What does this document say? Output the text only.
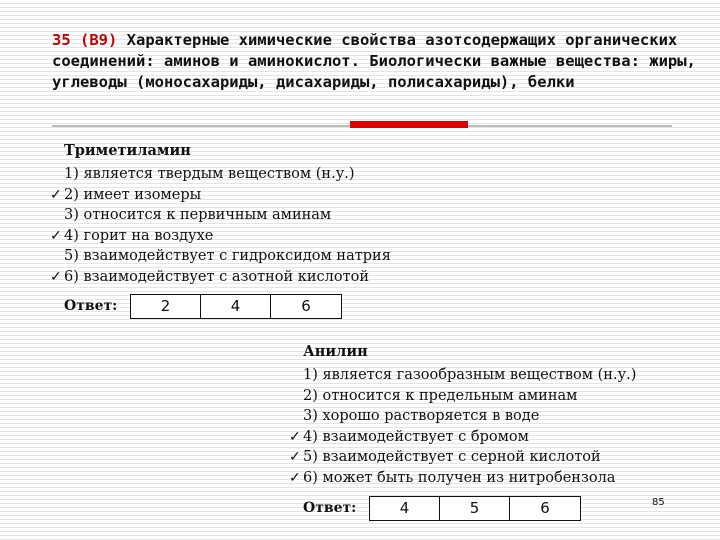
35 (B9) Характерные химические свойства азотсодержащих органических соединений: аминов и аминокислот. Биологически важные вещества: жиры, углеводы (моносахариды, дисахариды, полисахариды), белки
Триметиламин
1) является твердым веществом (н.у.)
✓ 2) имеет изомеры
3) относится к первичным аминам
✓ 4) горит на воздухе
5) взаимодействует с гидроксидом натрия
✓ 6) взаимодействует с азотной кислотой
Ответ:	2	4	6
Анилин
1) является газообразным веществом (н.у.)
2) относится к предельным аминам
3) хорошо растворяется в воде
✓ 4) взаимодействует с бромом
✓ 5) взаимодействует с серной кислотой
✓ 6) может быть получен из нитробензола
Ответ:	4	5	6	85
